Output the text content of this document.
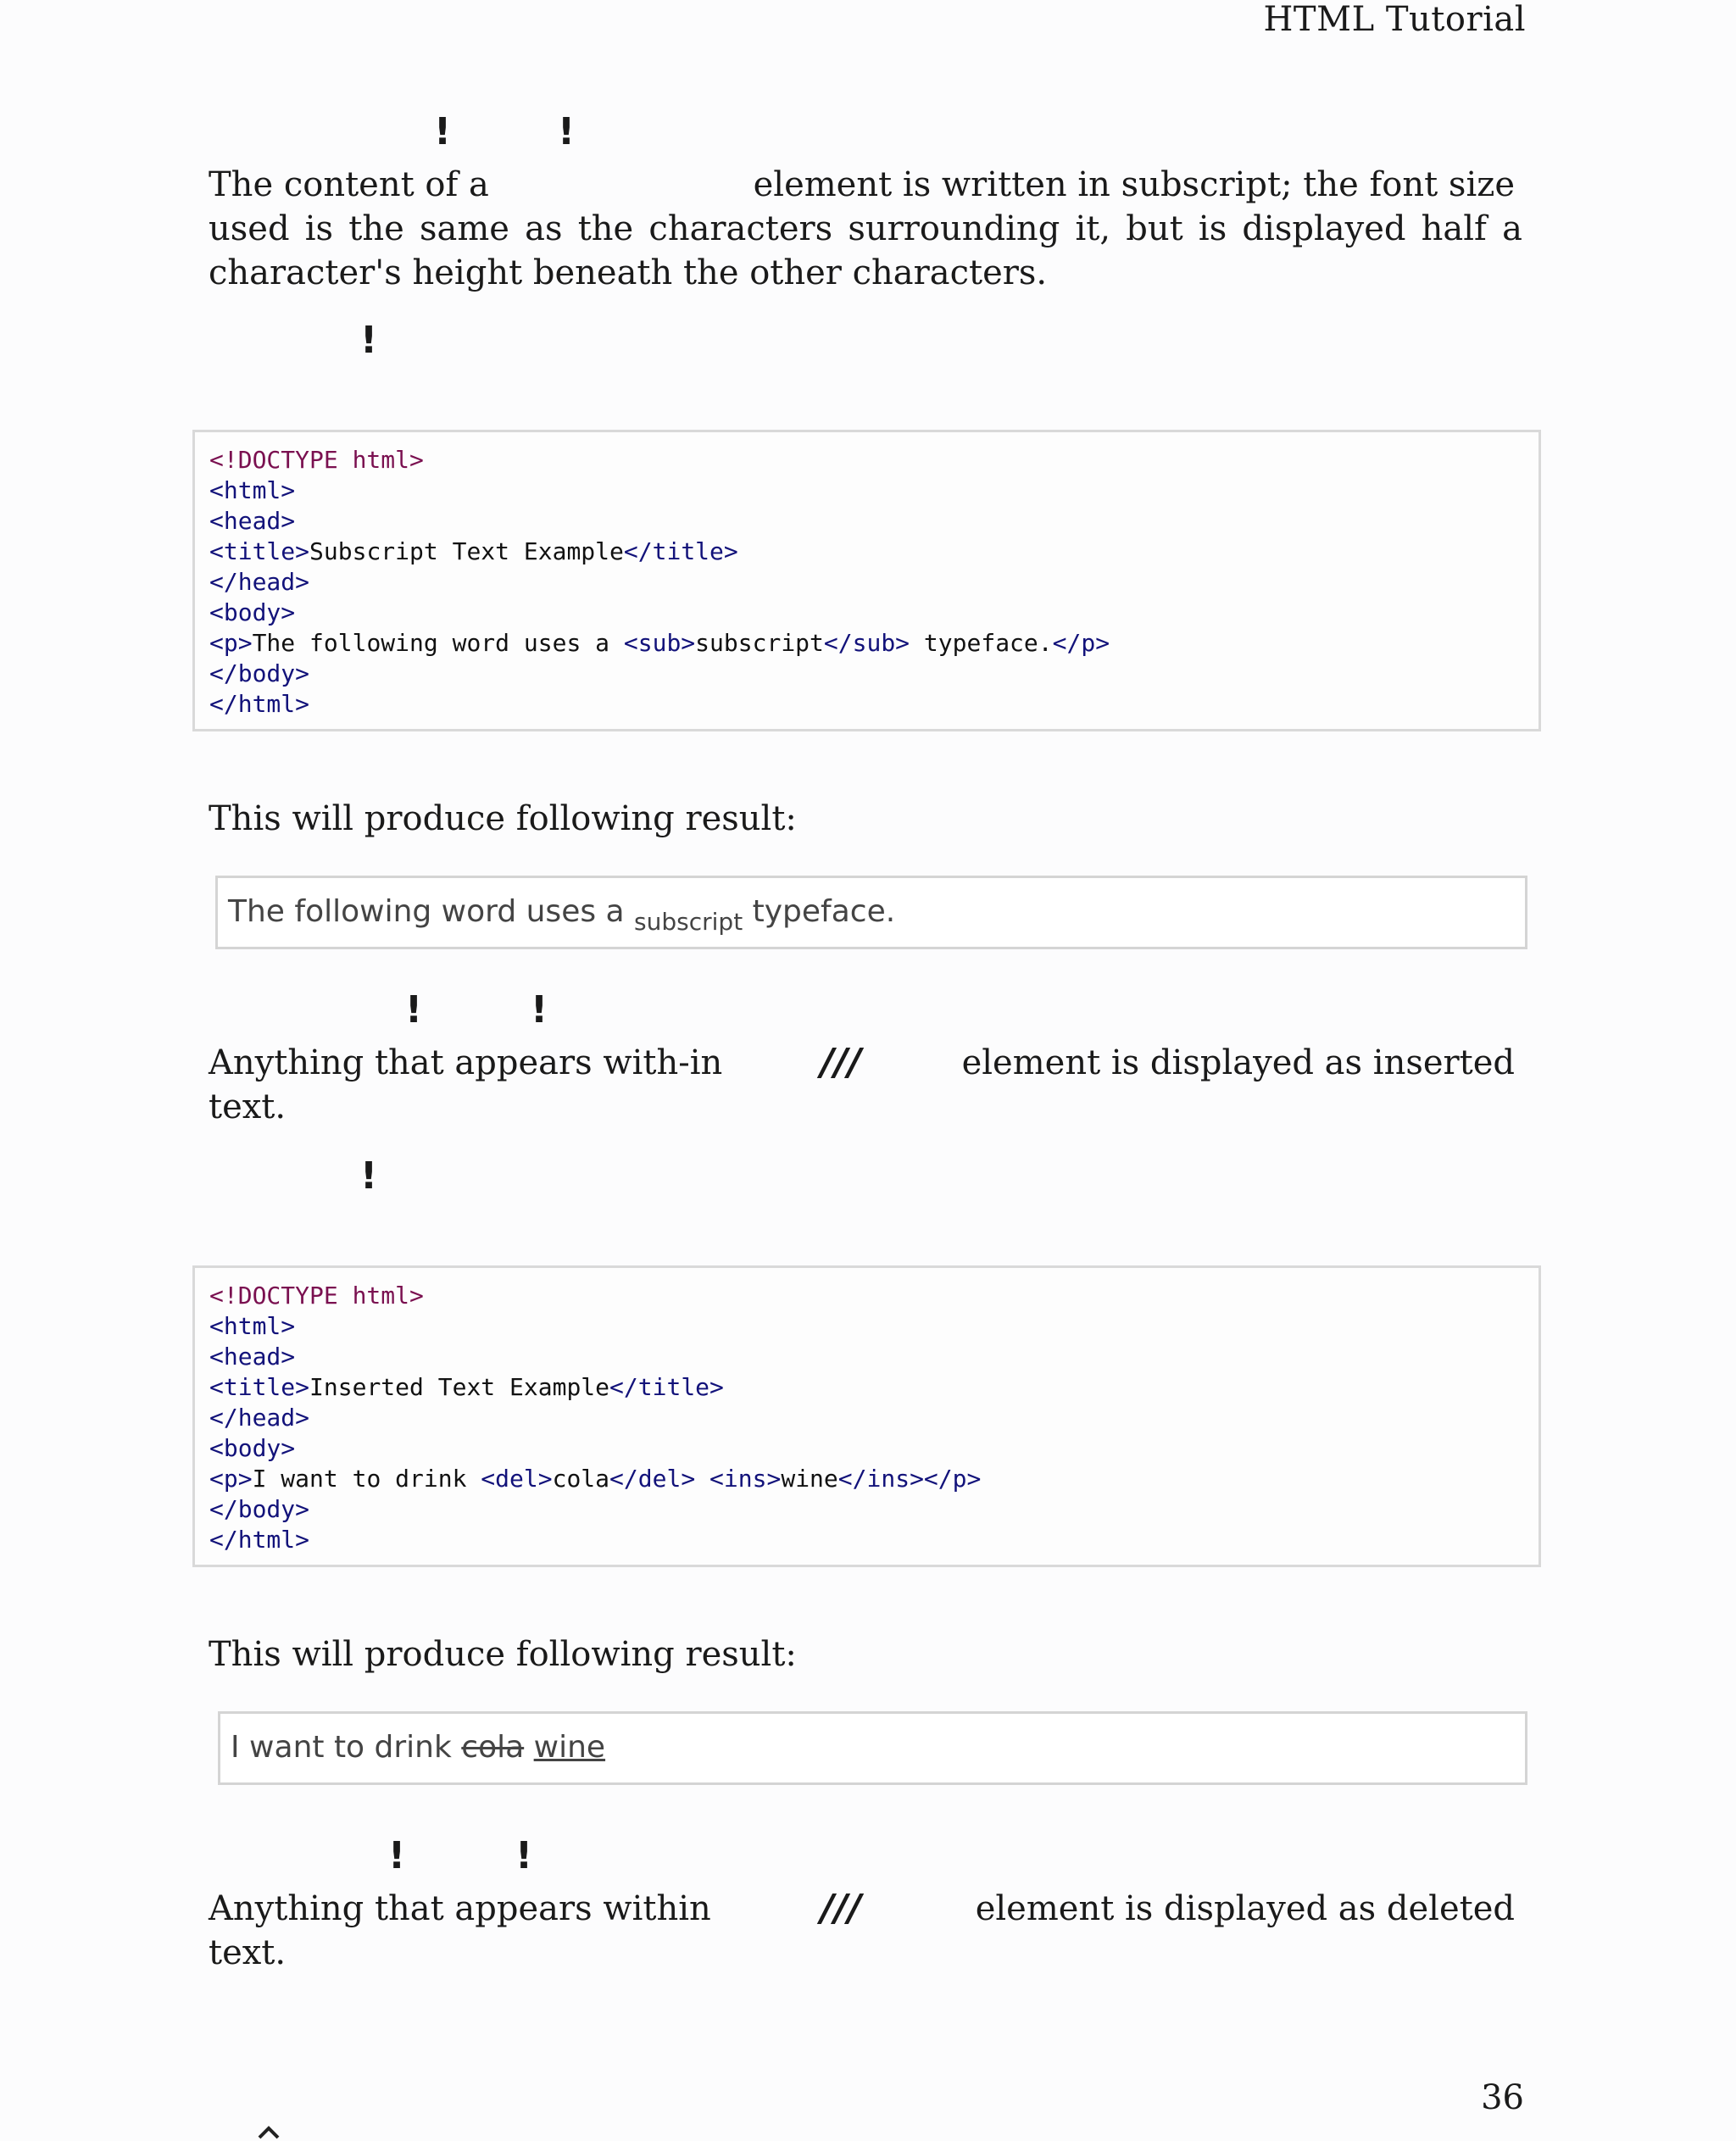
HTML Tutorial
!	!
The content of a	element is written in subscript; the font size
used is the same as the characters surrounding it, but is displayed half a
character's height beneath the other characters.
!
<!DOCTYPE html>
<html>
<head>
<title>Subscript Text Example</title>
</head>
<body>
<p>The following word uses a <sub>subscript</sub> typeface.</p>
</body>
</html>
This will produce following result:
The following word uses a $_{subscript}$ typeface.
!	!
Anything that appears with-in	///	element is displayed as inserted
text.
!
<!DOCTYPE html>
<html>
<head>
<title>Inserted Text Example</title>
</head>
<body>
<p>I want to drink <del>cola</del> <ins>wine</ins></p>
</body>
</html>
This will produce following result:
I want to drink cola wine
!	!
Anything that appears within	///	element is displayed as deleted
text.
36
